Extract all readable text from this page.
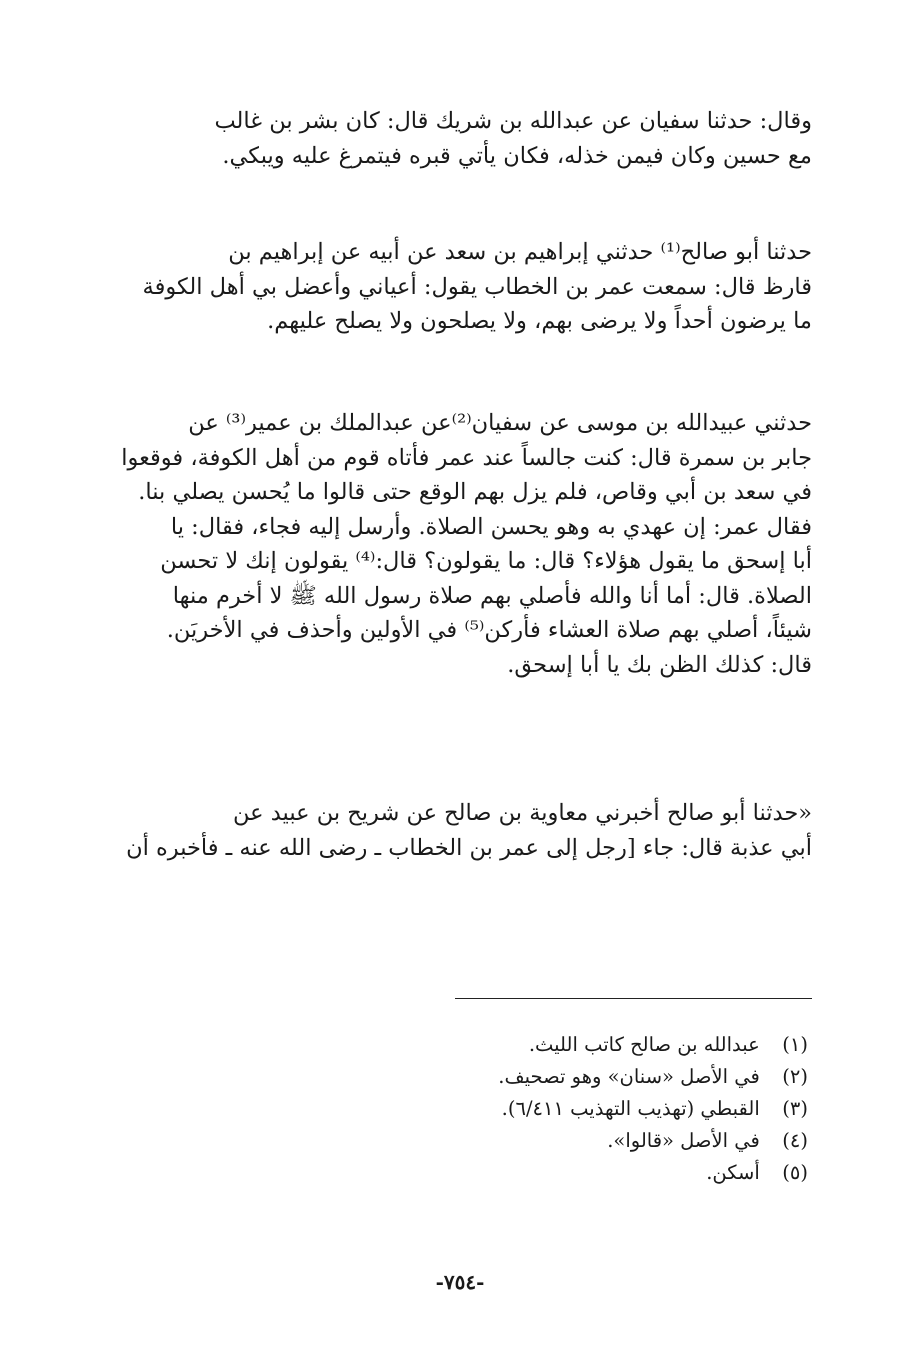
وقال: حدثنا سفيان عن عبدالله بن شريك قال: كان بشر بن غالب
مع حسين وكان فيمن خذله، فكان يأتي قبره فيتمرغ عليه ويبكي.
حدثنا أبو صالح⁽¹⁾ حدثني إبراهيم بن سعد عن أبيه عن إبراهيم بن
قارظ قال: سمعت عمر بن الخطاب يقول: أعياني وأعضل بي أهل الكوفة
ما يرضون أحداً ولا يرضى بهم، ولا يصلحون ولا يصلح عليهم.
حدثني عبيدالله بن موسى عن سفيان⁽²⁾عن عبدالملك بن عمير⁽³⁾ عن
جابر بن سمرة قال: كنت جالساً عند عمر فأتاه قوم من أهل الكوفة، فوقعوا
في سعد بن أبي وقاص، فلم يزل بهم الوقع حتى قالوا ما يُحسن يصلي بنا.
فقال عمر: إن عهدي به وهو يحسن الصلاة. وأرسل إليه فجاء، فقال: يا
أبا إسحق ما يقول هؤلاء؟ قال: ما يقولون؟ قال:⁽⁴⁾ يقولون إنك لا تحسن
الصلاة. قال: أما أنا والله فأصلي بهم صلاة رسول الله ﷺ لا أخرم منها
شيئاً، أصلي بهم صلاة العشاء فأركن⁽⁵⁾ في الأولين وأحذف في الأخريَن.
قال: كذلك الظن بك يا أبا إسحق.
«حدثنا أبو صالح أخبرني معاوية بن صالح عن شريح بن عبيد عن
أبي عذبة قال: جاء [رجل إلى عمر بن الخطاب ـ رضى الله عنه ـ فأخبره أن
(١) عبدالله بن صالح كاتب الليث.
(٢) في الأصل «سنان» وهو تصحيف.
(٣) القبطي (تهذيب التهذيب ٦/٤١١).
(٤) في الأصل «قالوا».
(٥) أسكن.
-٧٥٤-
